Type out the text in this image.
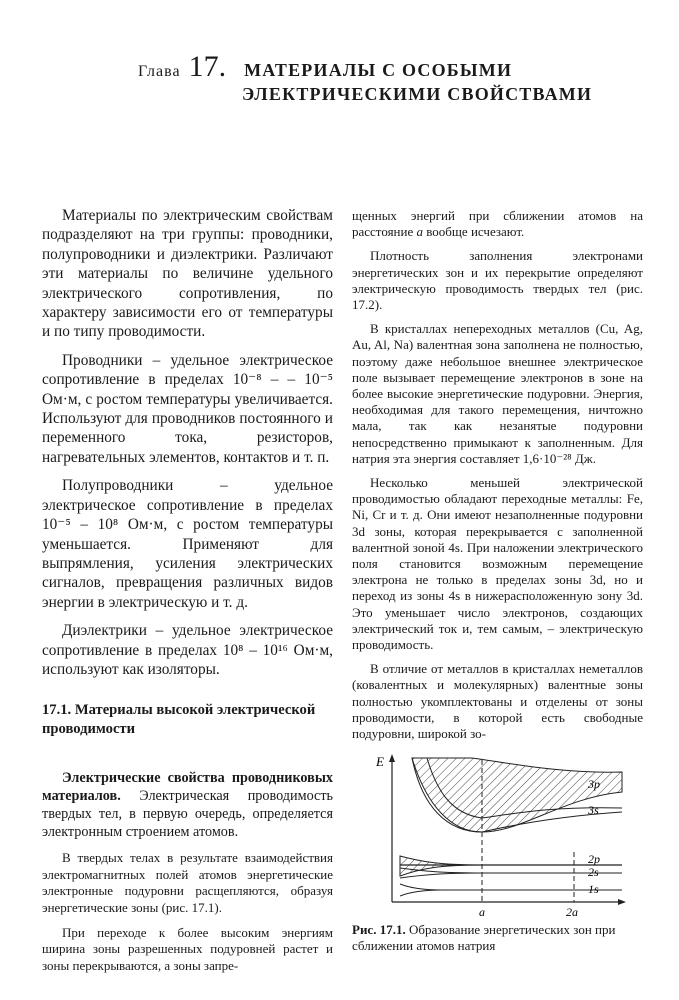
Глава 17. МАТЕРИАЛЫ С ОСОБЫМИ
ЭЛЕКТРИЧЕСКИМИ СВОЙСТВАМИ

Материалы по электрическим свойствам подразделяют на три группы: проводники, полупроводники и диэлектрики. Различают эти материалы по величине удельного электрического сопротивления, по характеру зависимости его от температуры и по типу проводимости.

Проводники – удельное электрическое сопротивление в пределах 10⁻⁸ – – 10⁻⁵ Ом·м, с ростом температуры увеличивается. Используют для проводников постоянного и переменного тока, резисторов, нагревательных элементов, контактов и т. п.

Полупроводники – удельное электрическое сопротивление в пределах 10⁻⁵ – 10⁸ Ом·м, с ростом температуры уменьшается. Применяют для выпрямления, усиления электрических сигналов, превращения различных видов энергии в электрическую и т. д.

Диэлектрики – удельное электрическое сопротивление в пределах 10⁸ – 10¹⁶ Ом·м, используют как изоляторы.

17.1. Материалы высокой электрической проводимости

Электрические свойства проводниковых материалов. Электрическая проводимость твердых тел, в первую очередь, определяется электронным строением атомов.

В твердых телах в результате взаимодействия электромагнитных полей атомов энергетические электронные подуровни расщепляются, образуя энергетические зоны (рис. 17.1).

При переходе к более высоким энергиям ширина зоны разрешенных подуровней растет и зоны перекрываются, а зоны запре-

щенных энергий при сближении атомов на расстояние a вообще исчезают.

Плотность заполнения электронами энергетических зон и их перекрытие определяют электрическую проводимость твердых тел (рис. 17.2).

В кристаллах непереходных металлов (Cu, Ag, Au, Al, Na) валентная зона заполнена не полностью, поэтому даже небольшое внешнее электрическое поле вызывает перемещение электронов в зоне на более высокие энергетические подуровни. Энергия, необходимая для такого перемещения, ничтожно мала, так как незанятые подуровни непосредственно примыкают к заполненным. Для натрия эта энергия составляет 1,6·10⁻²⁸ Дж.

Несколько меньшей электрической проводимостью обладают переходные металлы: Fe, Ni, Cr и т. д. Они имеют незаполненные подуровни 3d зоны, которая перекрывается с заполненной валентной зоной 4s. При наложении электрического поля становится возможным перемещение электрона не только в пределах зоны 3d, но и переход из зоны 4s в нижерасположенную зону 3d. Это уменьшает число электронов, создающих электрический ток и, тем самым, – электрическую проводимость.

В отличие от металлов в кристаллах неметаллов (ковалентных и молекулярных) валентные зоны полностью укомплектованы и отделены от зоны проводимости, в которой есть свободные подуровни, широкой зо-

E
3p
3s
2p
2s
1s
a	2a
Рис. 17.1. Образование энергетических зон при сближении атомов натрия
